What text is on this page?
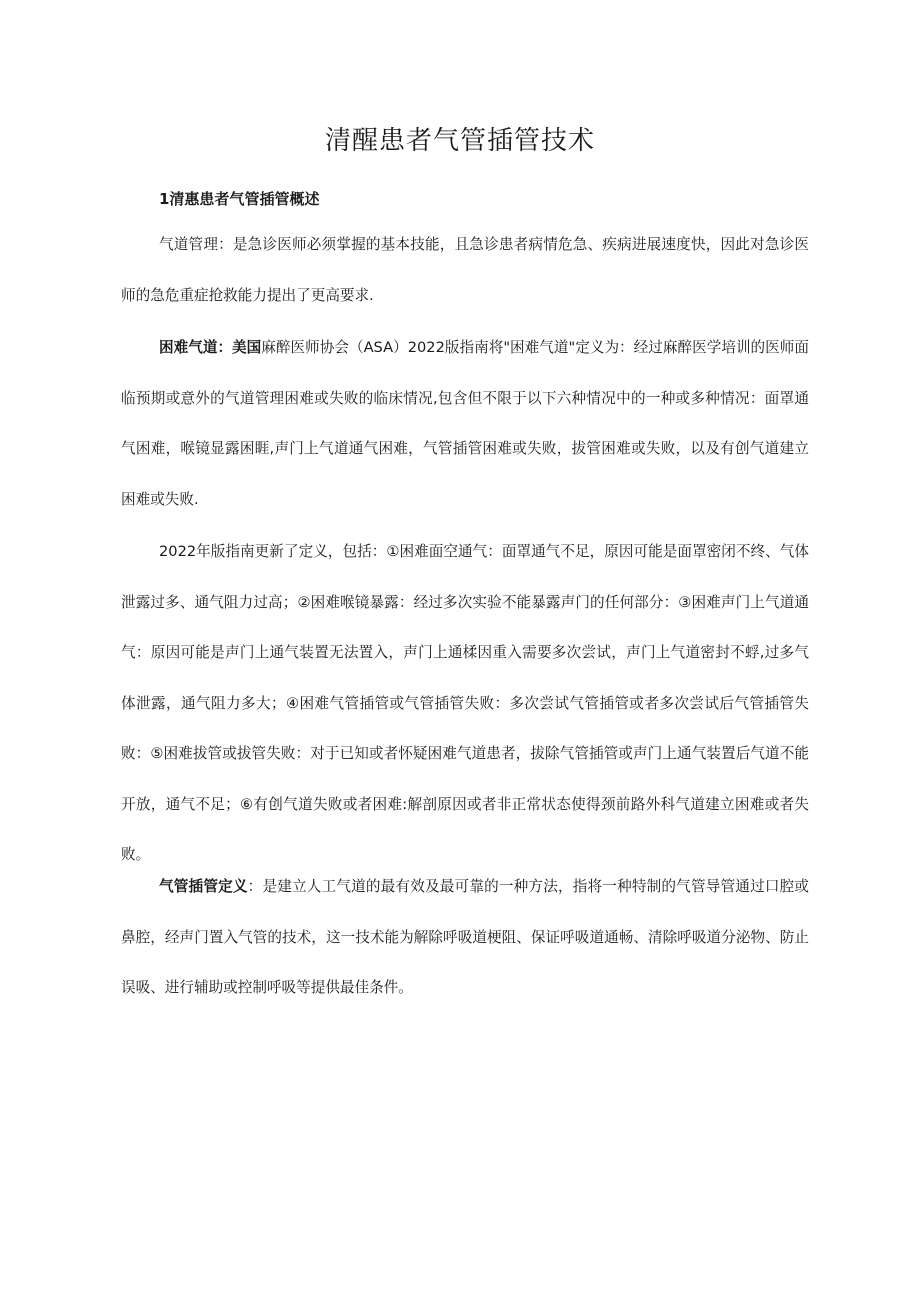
清醒患者气管插管技术
1清惠患者气管插管概述

气道管理：是急诊医师必须掌握的基本技能，且急诊患者病情危急、疾病进展速度快，因此对急诊医师的急危重症抢救能力提出了更高要求.

困难气道：美国麻醉医师协会（ASA）2022版指南将"困难气道"定义为：经过麻醉医学培训的医师面临预期或意外的气道管理困难或失败的临床情况,包含但不限于以下六种情况中的一种或多种情况：面罩通气困难，喉镜显露困睚,声门上气道通气困难，气管插管困难或失败，拔管困难或失败，以及有创气道建立困难或失败.

2022年版指南更新了定义，包括：①困难面空通气：面罩通气不足，原因可能是面罩密闭不终、气体泄露过多、通气阻力过高；②困难喉镜暴露：经过多次实验不能暴露声门的任何部分：③困难声门上气道通气：原因可能是声门上通气装置无法置入，声门上通楺因重入需要多次尝试，声门上气道密封不蜉,过多气体泄露，通气阻力多大；④困难气管插管或气管插管失败：多次尝试气管插管或者多次尝试后气管插管失败：⑤困难拔管或拔管失败：对于已知或者怀疑困难气道患者，拔除气管插管或声门上通气装置后气道不能开放，通气不足；⑥有创气道失败或者困难:解剖原因或者非正常状态使得颈前路外科气道建立困难或者失败。

气管插管定义：是建立人工气道的最有效及最可靠的一种方法，指将一种特制的气管导管通过口腔或鼻腔，经声门置入气管的技术，这一技术能为解除呼吸道梗阻、保证呼吸道通畅、清除呼吸道分泌物、防止误吸、进行辅助或控制呼吸等提供最佳条件。
